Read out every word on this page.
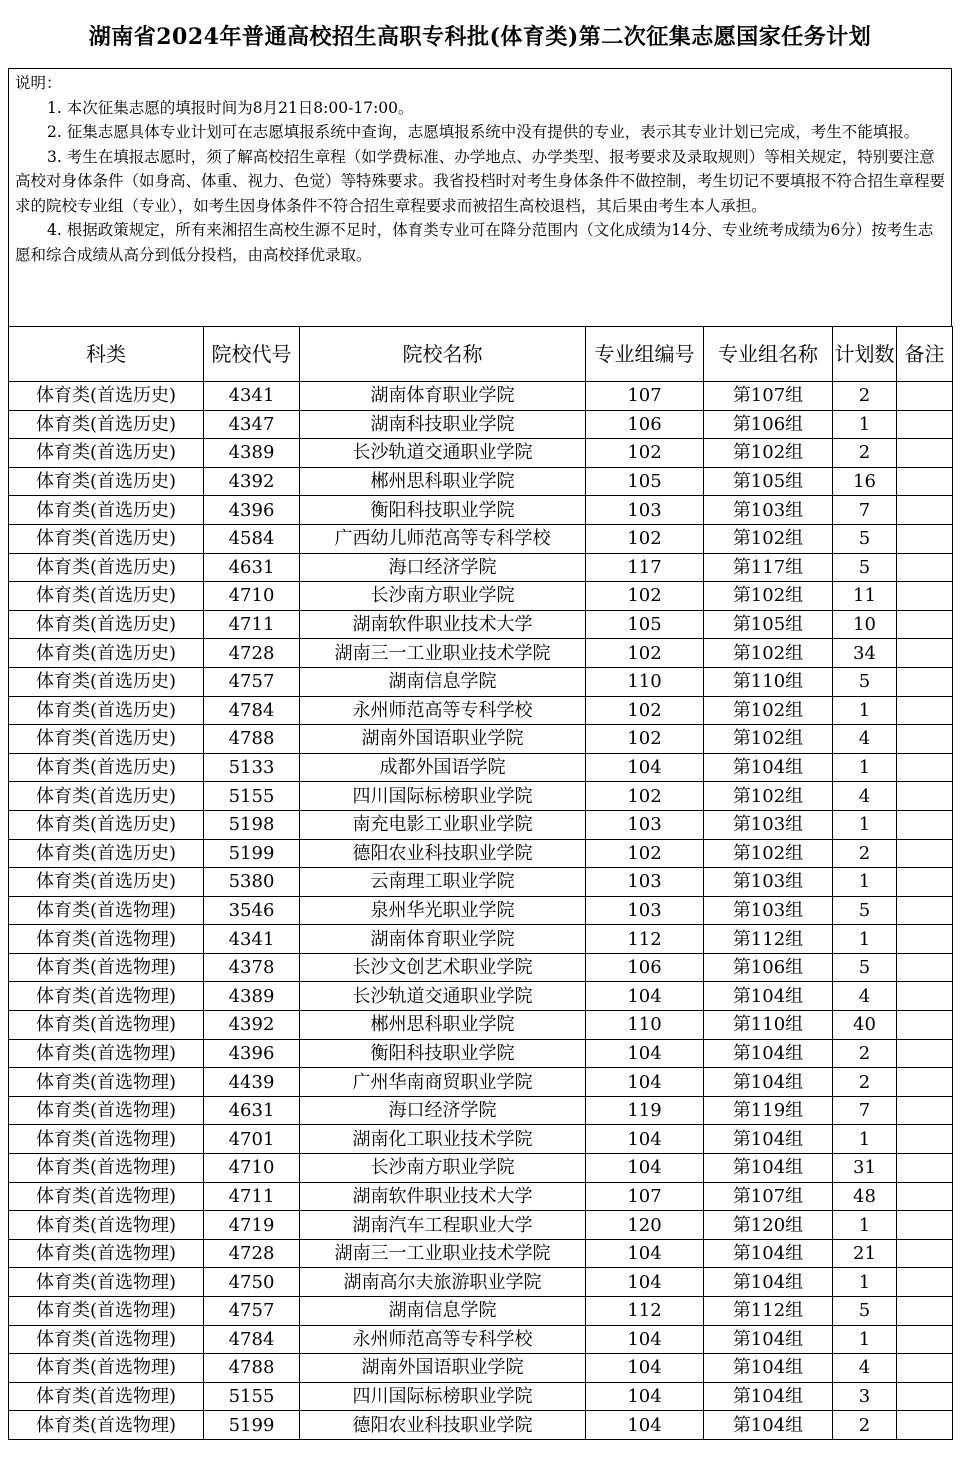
湖南省2024年普通高校招生高职专科批(体育类)第二次征集志愿国家任务计划
说明：

1. 本次征集志愿的填报时间为8月21日8:00-17:00。

2. 征集志愿具体专业计划可在志愿填报系统中查询，志愿填报系统中没有提供的专业，表示其专业计划已完成，考生不能填报。

3. 考生在填报志愿时，须了解高校招生章程（如学费标准、办学地点、办学类型、报考要求及录取规则）等相关规定，特别要注意高校对身体条件（如身高、体重、视力、色觉）等特殊要求。我省投档时对考生身体条件不做控制，考生切记不要填报不符合招生章程要求的院校专业组（专业），如考生因身体条件不符合招生章程要求而被招生高校退档，其后果由考生本人承担。

4. 根据政策规定，所有来湘招生高校生源不足时，体育类专业可在降分范围内（文化成绩为14分、专业统考成绩为6分）按考生志愿和综合成绩从高分到低分投档，由高校择优录取。

科类	院校代号	院校名称	专业组编号	专业组名称	计划数	备注
体育类(首选历史)	4341	湖南体育职业学院	107	第107组	2	
体育类(首选历史)	4347	湖南科技职业学院	106	第106组	1	
体育类(首选历史)	4389	长沙轨道交通职业学院	102	第102组	2	
体育类(首选历史)	4392	郴州思科职业学院	105	第105组	16	
体育类(首选历史)	4396	衡阳科技职业学院	103	第103组	7	
体育类(首选历史)	4584	广西幼儿师范高等专科学校	102	第102组	5	
体育类(首选历史)	4631	海口经济学院	117	第117组	5	
体育类(首选历史)	4710	长沙南方职业学院	102	第102组	11	
体育类(首选历史)	4711	湖南软件职业技术大学	105	第105组	10	
体育类(首选历史)	4728	湖南三一工业职业技术学院	102	第102组	34	
体育类(首选历史)	4757	湖南信息学院	110	第110组	5	
体育类(首选历史)	4784	永州师范高等专科学校	102	第102组	1	
体育类(首选历史)	4788	湖南外国语职业学院	102	第102组	4	
体育类(首选历史)	5133	成都外国语学院	104	第104组	1	
体育类(首选历史)	5155	四川国际标榜职业学院	102	第102组	4	
体育类(首选历史)	5198	南充电影工业职业学院	103	第103组	1	
体育类(首选历史)	5199	德阳农业科技职业学院	102	第102组	2	
体育类(首选历史)	5380	云南理工职业学院	103	第103组	1	
体育类(首选物理)	3546	泉州华光职业学院	103	第103组	5	
体育类(首选物理)	4341	湖南体育职业学院	112	第112组	1	
体育类(首选物理)	4378	长沙文创艺术职业学院	106	第106组	5	
体育类(首选物理)	4389	长沙轨道交通职业学院	104	第104组	4	
体育类(首选物理)	4392	郴州思科职业学院	110	第110组	40	
体育类(首选物理)	4396	衡阳科技职业学院	104	第104组	2	
体育类(首选物理)	4439	广州华南商贸职业学院	104	第104组	2	
体育类(首选物理)	4631	海口经济学院	119	第119组	7	
体育类(首选物理)	4701	湖南化工职业技术学院	104	第104组	1	
体育类(首选物理)	4710	长沙南方职业学院	104	第104组	31	
体育类(首选物理)	4711	湖南软件职业技术大学	107	第107组	48	
体育类(首选物理)	4719	湖南汽车工程职业大学	120	第120组	1	
体育类(首选物理)	4728	湖南三一工业职业技术学院	104	第104组	21	
体育类(首选物理)	4750	湖南高尔夫旅游职业学院	104	第104组	1	
体育类(首选物理)	4757	湖南信息学院	112	第112组	5	
体育类(首选物理)	4784	永州师范高等专科学校	104	第104组	1	
体育类(首选物理)	4788	湖南外国语职业学院	104	第104组	4	
体育类(首选物理)	5155	四川国际标榜职业学院	104	第104组	3	
体育类(首选物理)	5199	德阳农业科技职业学院	104	第104组	2	
